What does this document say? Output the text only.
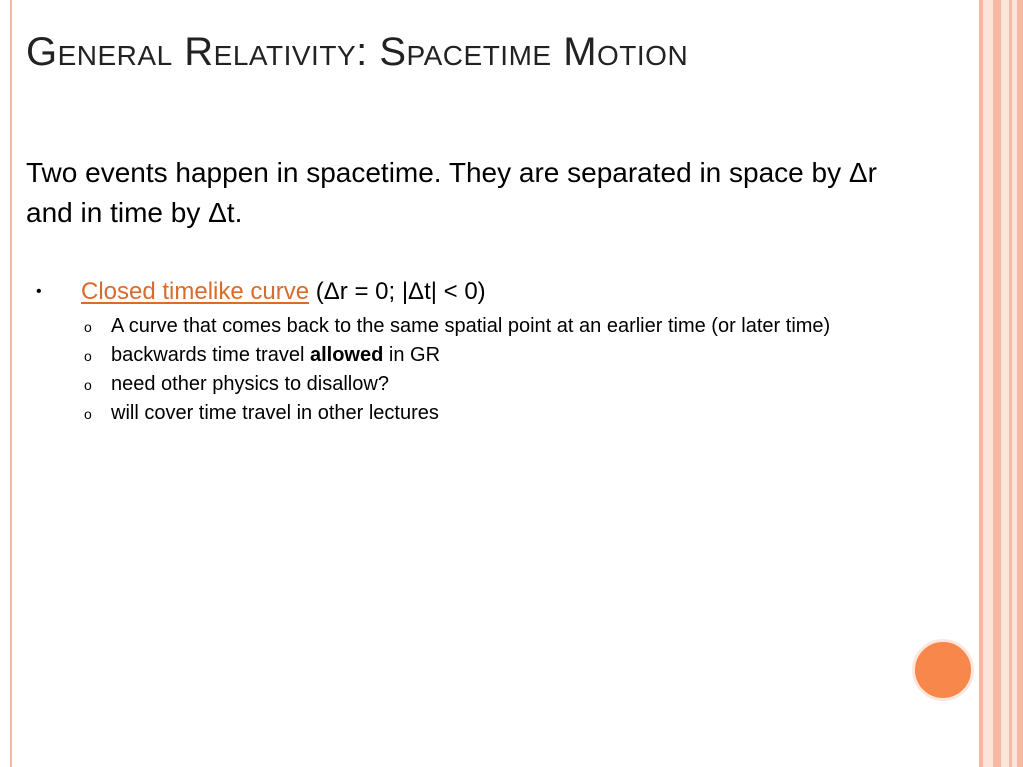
General Relativity: Spacetime Motion
Two events happen in spacetime. They are separated in space by Δr and in time by Δt.
• Closed timelike curve (Δr = 0; |Δt| < 0)
o A curve that comes back to the same spatial point at an earlier time (or later time)
o backwards time travel allowed in GR
o need other physics to disallow?
o will cover time travel in other lectures
